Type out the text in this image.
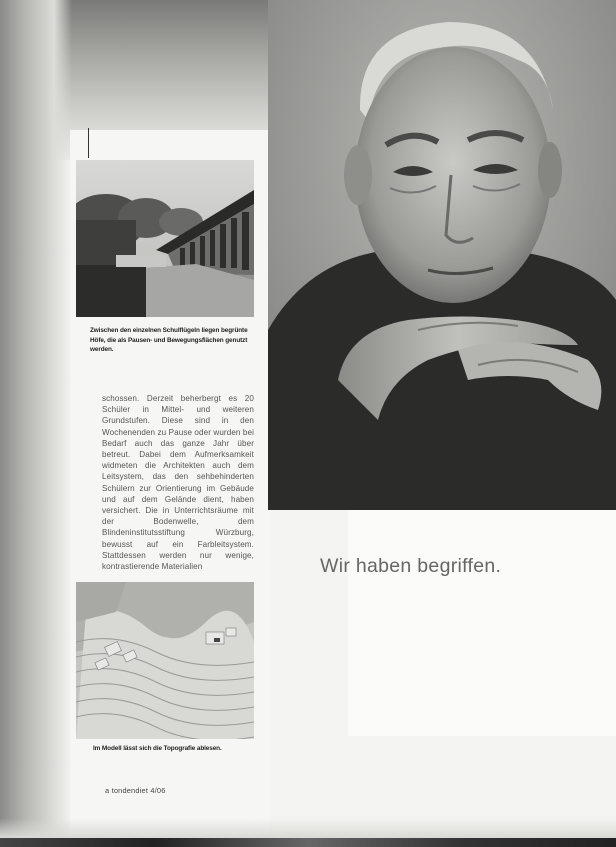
Zwischen den einzelnen Schulflügeln liegen begrünte Höfe, die als Pausen- und Bewegungsflächen genutzt werden.
schossen. Derzeit beherbergt es 20 Schüler in Mittel- und weiteren Grundstufen. Diese sind in den Wochenenden zu Pause oder wurden bei Bedarf auch das ganze Jahr über betreut. Dabei dem Aufmerksamkeit widmeten die Architekten auch dem Leitsystem, das den sehbehinderten Schülern zur Orientierung im Gebäude und auf dem Gelände dient, haben versichert. Die in Unterrichtsräume mit der Bodenwelle, dem Blindeninstitutsstiftung Würzburg, bewusst auf ein Farbleitsystem. Stattdessen werden nur wenige, kontrastierende Materialien
Im Modell lässt sich die Topografie ablesen.
a tondendiet 4/06
Wir haben begriffen.
